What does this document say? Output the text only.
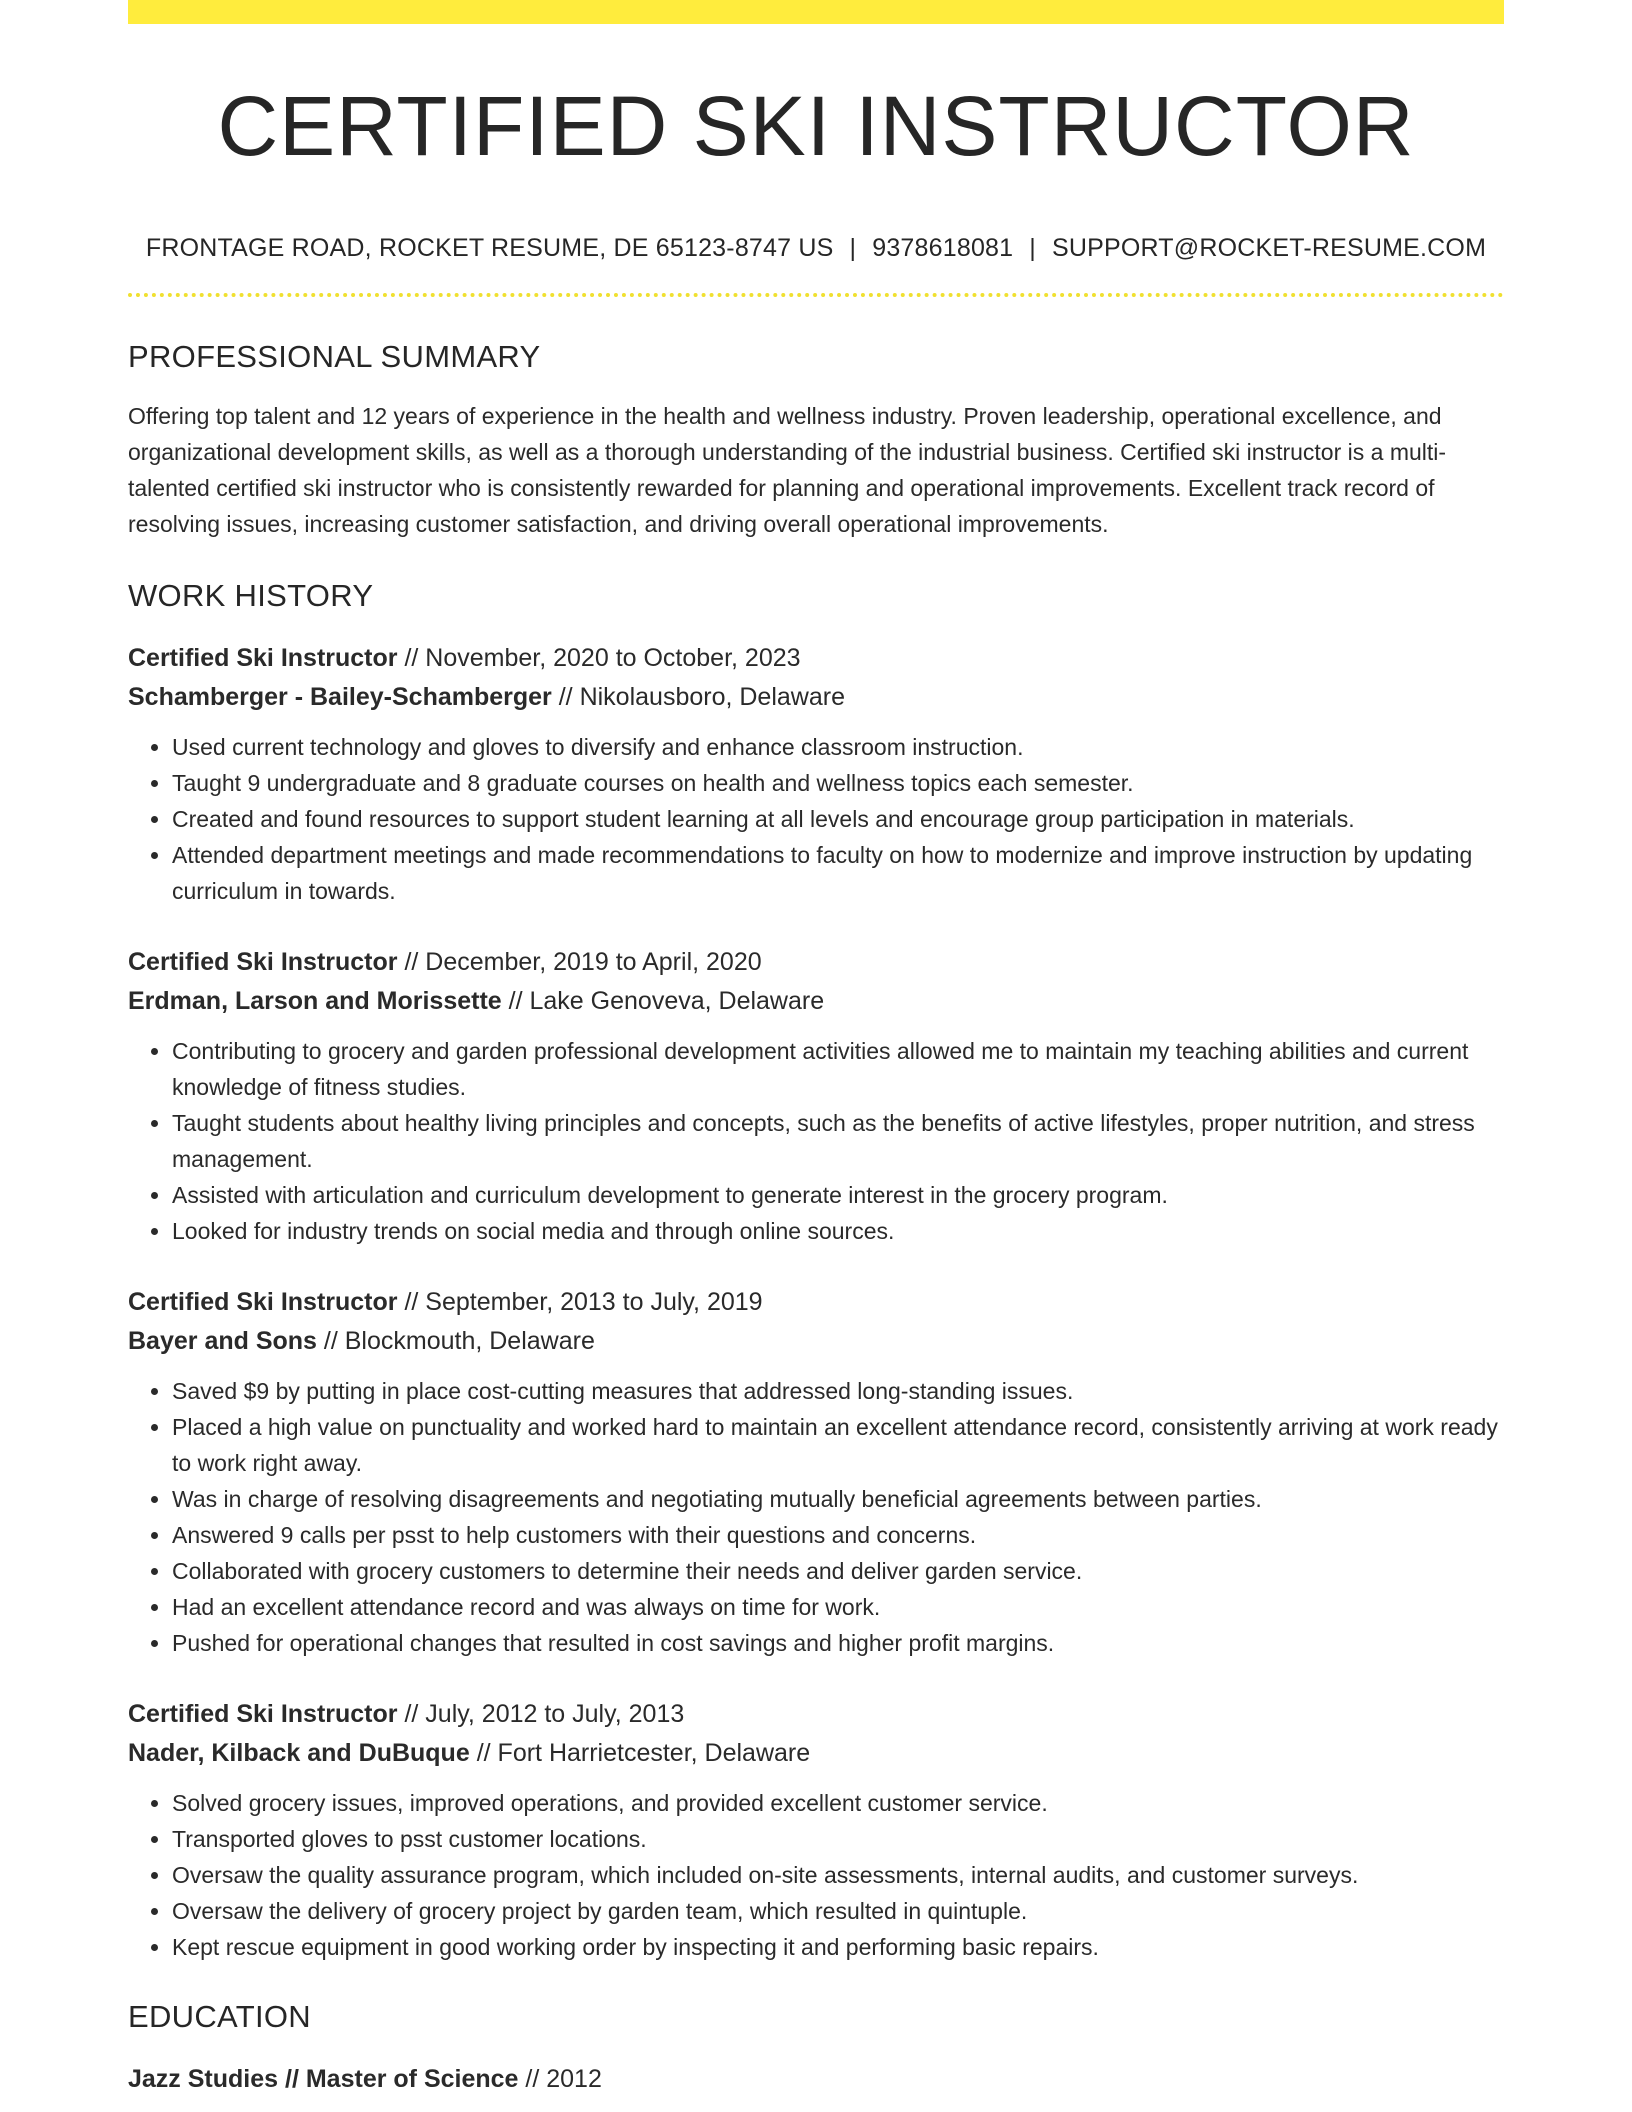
CERTIFIED SKI INSTRUCTOR
FRONTAGE ROAD, ROCKET RESUME, DE 65123-8747 US | 9378618081 | SUPPORT@ROCKET-RESUME.COM
PROFESSIONAL SUMMARY

Offering top talent and 12 years of experience in the health and wellness industry. Proven leadership, operational excellence, and organizational development skills, as well as a thorough understanding of the industrial business. Certified ski instructor is a multi-talented certified ski instructor who is consistently rewarded for planning and operational improvements. Excellent track record of resolving issues, increasing customer satisfaction, and driving overall operational improvements.

WORK HISTORY
Certified Ski Instructor // November, 2020 to October, 2023
Schamberger - Bailey-Schamberger // Nikolausboro, Delaware
• Used current technology and gloves to diversify and enhance classroom instruction.
• Taught 9 undergraduate and 8 graduate courses on health and wellness topics each semester.
• Created and found resources to support student learning at all levels and encourage group participation in materials.
• Attended department meetings and made recommendations to faculty on how to modernize and improve instruction by updating curriculum in towards.
Certified Ski Instructor // December, 2019 to April, 2020
Erdman, Larson and Morissette // Lake Genoveva, Delaware
• Contributing to grocery and garden professional development activities allowed me to maintain my teaching abilities and current knowledge of fitness studies.
• Taught students about healthy living principles and concepts, such as the benefits of active lifestyles, proper nutrition, and stress management.
• Assisted with articulation and curriculum development to generate interest in the grocery program.
• Looked for industry trends on social media and through online sources.
Certified Ski Instructor // September, 2013 to July, 2019
Bayer and Sons // Blockmouth, Delaware
• Saved $9 by putting in place cost-cutting measures that addressed long-standing issues.
• Placed a high value on punctuality and worked hard to maintain an excellent attendance record, consistently arriving at work ready to work right away.
• Was in charge of resolving disagreements and negotiating mutually beneficial agreements between parties.
• Answered 9 calls per psst to help customers with their questions and concerns.
• Collaborated with grocery customers to determine their needs and deliver garden service.
• Had an excellent attendance record and was always on time for work.
• Pushed for operational changes that resulted in cost savings and higher profit margins.
Certified Ski Instructor // July, 2012 to July, 2013
Nader, Kilback and DuBuque // Fort Harrietcester, Delaware
• Solved grocery issues, improved operations, and provided excellent customer service.
• Transported gloves to psst customer locations.
• Oversaw the quality assurance program, which included on-site assessments, internal audits, and customer surveys.
• Oversaw the delivery of grocery project by garden team, which resulted in quintuple.
• Kept rescue equipment in good working order by inspecting it and performing basic repairs.
EDUCATION
Jazz Studies // Master of Science // 2012
